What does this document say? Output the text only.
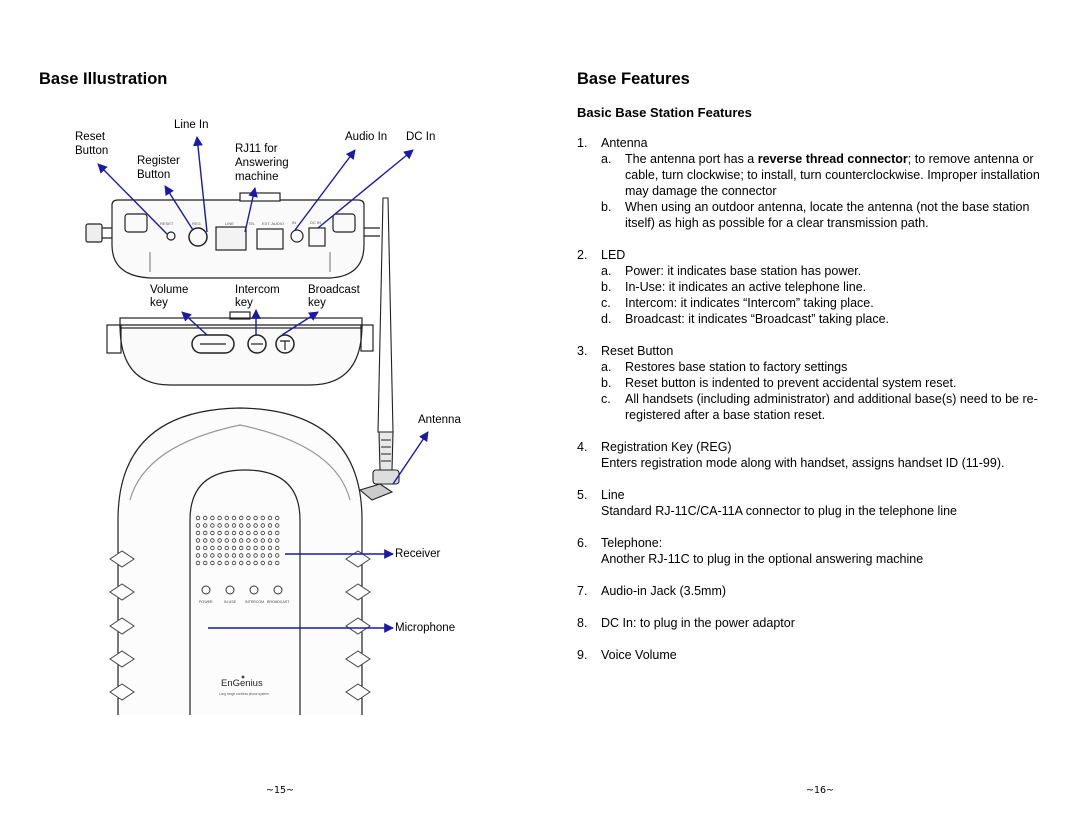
Base Illustration
Reset
Button
Line In
Register
Button
RJ11 for
Answering
machine
Audio In DC In
Volume
key
Intercom
key
Broadcast
key
Antenna
Receiver
Microphone
RESET	REG	LINE	TEL EXT. AUDIO IN	DC IN
POWER	IN USE	INTERCOM BROADCAST
EnGenius
Long range cordless phone system
~15~
Base Features
Basic Base Station Features
1. Antenna
a. The antenna port has a reverse thread connector; to remove antenna or cable, turn clockwise; to install, turn counterclockwise. Improper installation may damage the connector
b. When using an outdoor antenna, locate the antenna (not the base station itself) as high as possible for a clear transmission path.
2. LED
a. Power: it indicates base station has power.
b. In-Use: it indicates an active telephone line.
c. Intercom: it indicates “Intercom” taking place.
d. Broadcast: it indicates “Broadcast” taking place.
3. Reset Button
a. Restores base station to factory settings
b. Reset button is indented to prevent accidental system reset.
c. All handsets (including administrator) and additional base(s) need to be re-registered after a base station reset.
4. Registration Key (REG)
Enters registration mode along with handset, assigns handset ID (11-99).
5. Line
Standard RJ-11C/CA-11A connector to plug in the telephone line
6. Telephone:
Another RJ-11C to plug in the optional answering machine
7. Audio-in Jack (3.5mm)
8. DC In: to plug in the power adaptor
9. Voice Volume
~16~
